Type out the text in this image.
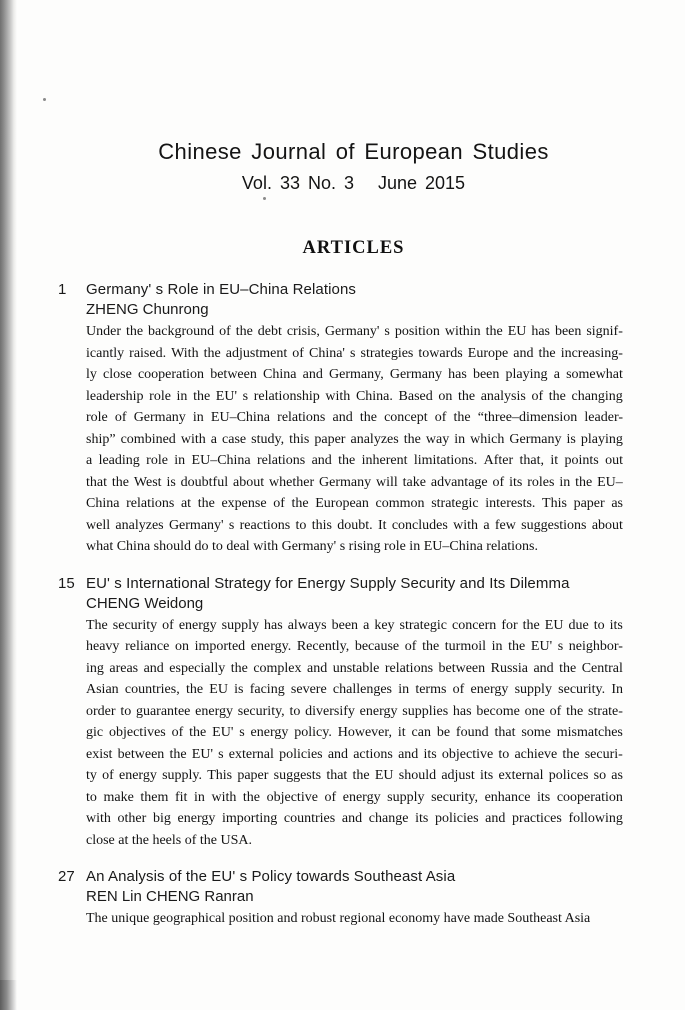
Chinese Journal of European Studies
Vol. 33 No. 3   June 2015
ARTICLES
1	Germany' s Role in EU–China Relations
ZHENG Chunrong
Under the background of the debt crisis, Germany' s position within the EU has been signif-
icantly raised. With the adjustment of China' s strategies towards Europe and the increasing-
ly close cooperation between China and Germany, Germany has been playing a somewhat
leadership role in the EU' s relationship with China. Based on the analysis of the changing
role of Germany in EU–China relations and the concept of the “three–dimension leader-
ship” combined with a case study, this paper analyzes the way in which Germany is playing
a leading role in EU–China relations and the inherent limitations. After that, it points out
that the West is doubtful about whether Germany will take advantage of its roles in the EU–
China relations at the expense of the European common strategic interests. This paper as
well analyzes Germany' s reactions to this doubt. It concludes with a few suggestions about
what China should do to deal with Germany' s rising role in EU–China relations.
15 EU' s International Strategy for Energy Supply Security and Its Dilemma
CHENG Weidong
The security of energy supply has always been a key strategic concern for the EU due to its
heavy reliance on imported energy. Recently, because of the turmoil in the EU' s neighbor-
ing areas and especially the complex and unstable relations between Russia and the Central
Asian countries, the EU is facing severe challenges in terms of energy supply security. In
order to guarantee energy security, to diversify energy supplies has become one of the strate-
gic objectives of the EU' s energy policy. However, it can be found that some mismatches
exist between the EU' s external policies and actions and its objective to achieve the securi-
ty of energy supply. This paper suggests that the EU should adjust its external polices so as
to make them fit in with the objective of energy supply security, enhance its cooperation
with other big energy importing countries and change its policies and practices following
close at the heels of the USA.
27 An Analysis of the EU' s Policy towards Southeast Asia
REN Lin CHENG Ranran
The unique geographical position and robust regional economy have made Southeast Asia
